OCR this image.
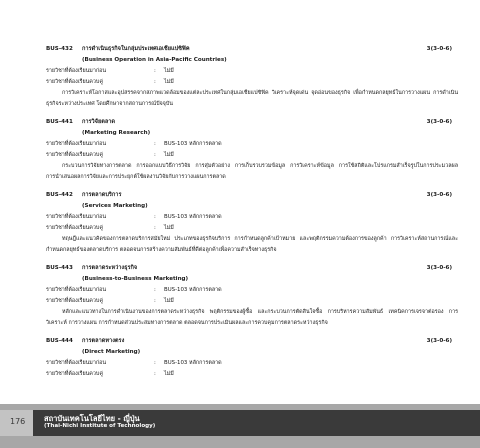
BUS-432 การดำเนินธุรกิจในกลุ่มประเทศเอเชียแปซิฟิค	3(3-0-6)
(Business Operation in Asia-Pacific Countries)
รายวิชาที่ต้องเรียนมาก่อน	: ไม่มี
รายวิชาที่ต้องเรียนควบคู่	: ไม่มี
การวิเคราะห์โอกาสและอุปสรรคจากสภาพแวดล้อมของแต่ละประเทศในกลุ่มเอเชียแปซิฟิค วิเคราะห์จุดเด่น จุดอ่อนของธุรกิจ เพื่อกำหนดกลยุทธ์ในการวางแผน การดำเนินธุรกิจระหว่างประเทศ โดยศึกษาจากสถานการณ์ปัจจุบัน
BUS-441 การวิจัยตลาด	3(3-0-6)
(Marketing Research)
รายวิชาที่ต้องเรียนมาก่อน	: BUS-103 หลักการตลาด
รายวิชาที่ต้องเรียนควบคู่	: ไม่มี
กระบวนการวิจัยทางการตลาด การออกแบบวิธีการวิจัย การสุ่มตัวอย่าง การเก็บรวบรวมข้อมูล การวิเคราะห์ข้อมูล การใช้สถิติและโปรแกรมสำเร็จรูปในการประมวลผล การนำเสนอผลการวิจัยและการประยุกต์ใช้ผลงานวิจัยกับการวางแผนการตลาด
BUS-442 การตลาดบริการ	3(3-0-6)
(Services Marketing)
รายวิชาที่ต้องเรียนมาก่อน	: BUS-103 หลักการตลาด
รายวิชาที่ต้องเรียนควบคู่	: ไม่มี
ทฤษฎีและแนวคิดของการตลาดบริการสมัยใหม่ ประเภทของธุรกิจบริการ การกำหนดลูกค้าเป้าหมาย และพฤติกรรมความต้องการของลูกค้า การวิเคราะห์สถานการณ์และกำหนดกลยุทธ์ของตลาดบริการ ตลอดจนการสร้างความสัมพันธ์ที่ดีต่อลูกค้าเพื่อความสำเร็จทางธุรกิจ
BUS-443 การตลาดระหว่างธุรกิจ	3(3-0-6)
(Business-to-Business Marketing)
รายวิชาที่ต้องเรียนมาก่อน	: BUS-103 หลักการตลาด
รายวิชาที่ต้องเรียนควบคู่	: ไม่มี
หลักและแนวทางในการดำเนินงานของการตลาดระหว่างธุรกิจ พฤติกรรมของผู้ซื้อ และกระบวนการตัดสินใจซื้อ การบริหารความสัมพันธ์ เทคนิคการเจรจาต่อรอง การวิเคราะห์ การวางแผน การกำหนดส่วนประสมทางการตลาด ตลอดจนการประเมินผลและการควบคุมการตลาดระหว่างธุรกิจ
BUS-444 การตลาดทางตรง	3(3-0-6)
(Direct Marketing)
รายวิชาที่ต้องเรียนมาก่อน	: BUS-103 หลักการตลาด
รายวิชาที่ต้องเรียนควบคู่	: ไม่มี
176 สถาบันเทคโนโลยีไทย - ญี่ปุ่น
(Thai-Nichi Institute of Technology)
